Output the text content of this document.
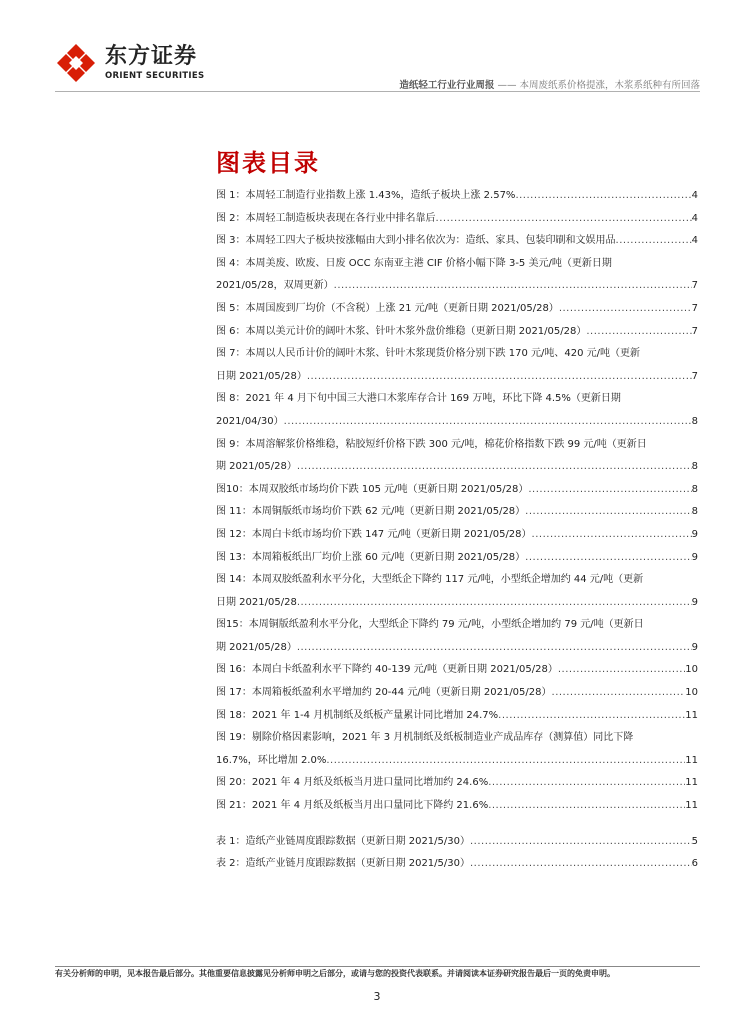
东方证券
ORIENT SECURITIES
造纸轻工行业行业周报 —— 本周废纸系价格提涨，木浆系纸种有所回落
图表目录
图 1：本周轻工制造行业指数上涨 1.43%，造纸子板块上涨 2.57% .....	4
图 2：本周轻工制造板块表现在各行业中排名靠后 .....	4
图 3：本周轻工四大子板块按涨幅由大到小排名依次为：造纸、家具、包装印刷和文娱用品 .....	4
图 4：本周美废、欧废、日废 OCC 东南亚主港 CIF 价格小幅下降 3-5 美元/吨（更新日期
2021/05/28，双周更新） .....	7
图 5：本周国废到厂均价（不含税）上涨 21 元/吨（更新日期 2021/05/28） .....	7
图 6：本周以美元计价的阔叶木浆、针叶木浆外盘价维稳（更新日期 2021/05/28） .....	7
图 7：本周以人民币计价的阔叶木浆、针叶木浆现货价格分别下跌 170 元/吨、420 元/吨（更新
日期 2021/05/28） .....	7
图 8：2021 年 4 月下旬中国三大港口木浆库存合计 169 万吨，环比下降 4.5%（更新日期
2021/04/30） .....	8
图 9：本周溶解浆价格维稳，粘胶短纤价格下跌 300 元/吨，棉花价格指数下跌 99 元/吨（更新日
期 2021/05/28） .....	8
图10：本周双胶纸市场均价下跌 105 元/吨（更新日期 2021/05/28） .....	8
图 11：本周铜版纸市场均价下跌 62 元/吨（更新日期 2021/05/28） .....	8
图 12：本周白卡纸市场均价下跌 147 元/吨（更新日期 2021/05/28） .....	9
图 13：本周箱板纸出厂均价上涨 60 元/吨（更新日期 2021/05/28） .....	9
图 14：本周双胶纸盈利水平分化，大型纸企下降约 117 元/吨，小型纸企增加约 44 元/吨（更新
日期 2021/05/28 .....	9
图15：本周铜版纸盈利水平分化，大型纸企下降约 79 元/吨，小型纸企增加约 79 元/吨（更新日
期 2021/05/28） .....	9
图 16：本周白卡纸盈利水平下降约 40-139 元/吨（更新日期 2021/05/28） .....	10
图 17：本周箱板纸盈利水平增加约 20-44 元/吨（更新日期 2021/05/28） .....	10
图 18：2021 年 1-4 月机制纸及纸板产量累计同比增加 24.7% .....	11
图 19：剔除价格因素影响，2021 年 3 月机制纸及纸板制造业产成品库存（测算值）同比下降
16.7%，环比增加 2.0% .....	11
图 20：2021 年 4 月纸及纸板当月进口量同比增加约 24.6% .....	11
图 21：2021 年 4 月纸及纸板当月出口量同比下降约 21.6% .....	11
表 1：造纸产业链周度跟踪数据（更新日期 2021/5/30） .....	5
表 2：造纸产业链月度跟踪数据（更新日期 2021/5/30） .....	6
有关分析师的申明，见本报告最后部分。其他重要信息披露见分析师申明之后部分，或请与您的投资代表联系。并请阅读本证券研究报告最后一页的免责申明。
3
